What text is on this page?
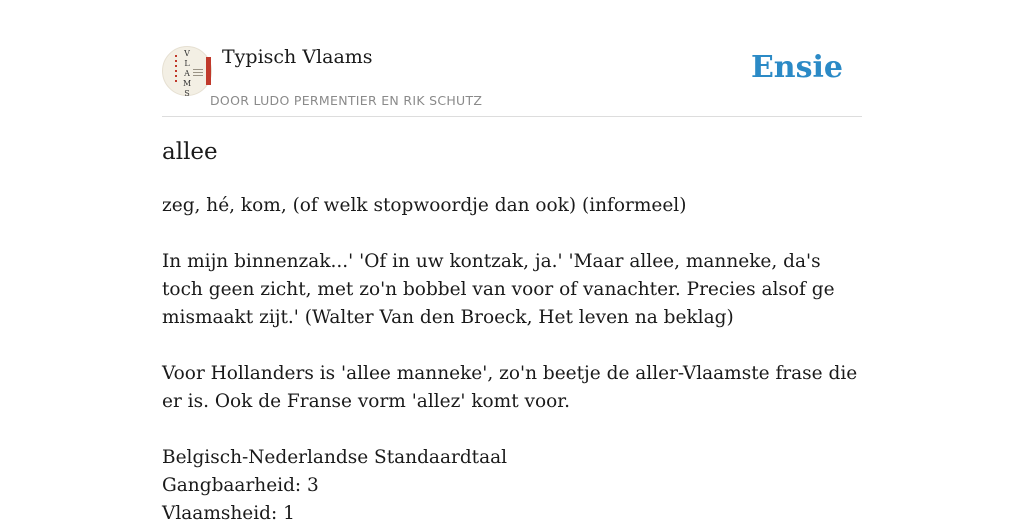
V
L
A
M
S
Typisch Vlaams
DOOR LUDO PERMENTIER EN RIK SCHUTZ
Ensie
allee

zeg, hé, kom, (of welk stopwoordje dan ook) (informeel)

In mijn binnenzak...' 'Of in uw kontzak, ja.' 'Maar allee, manneke, da's toch geen zicht, met zo'n bobbel van voor of vanachter. Precies alsof ge mismaakt zijt.' (Walter Van den Broeck, Het leven na beklag)

Voor Hollanders is 'allee manneke', zo'n beetje de aller-Vlaamste frase die er is. Ook de Franse vorm 'allez' komt voor.

Belgisch-Nederlandse Standaardtaal
Gangbaarheid: 3
Vlaamsheid: 1
